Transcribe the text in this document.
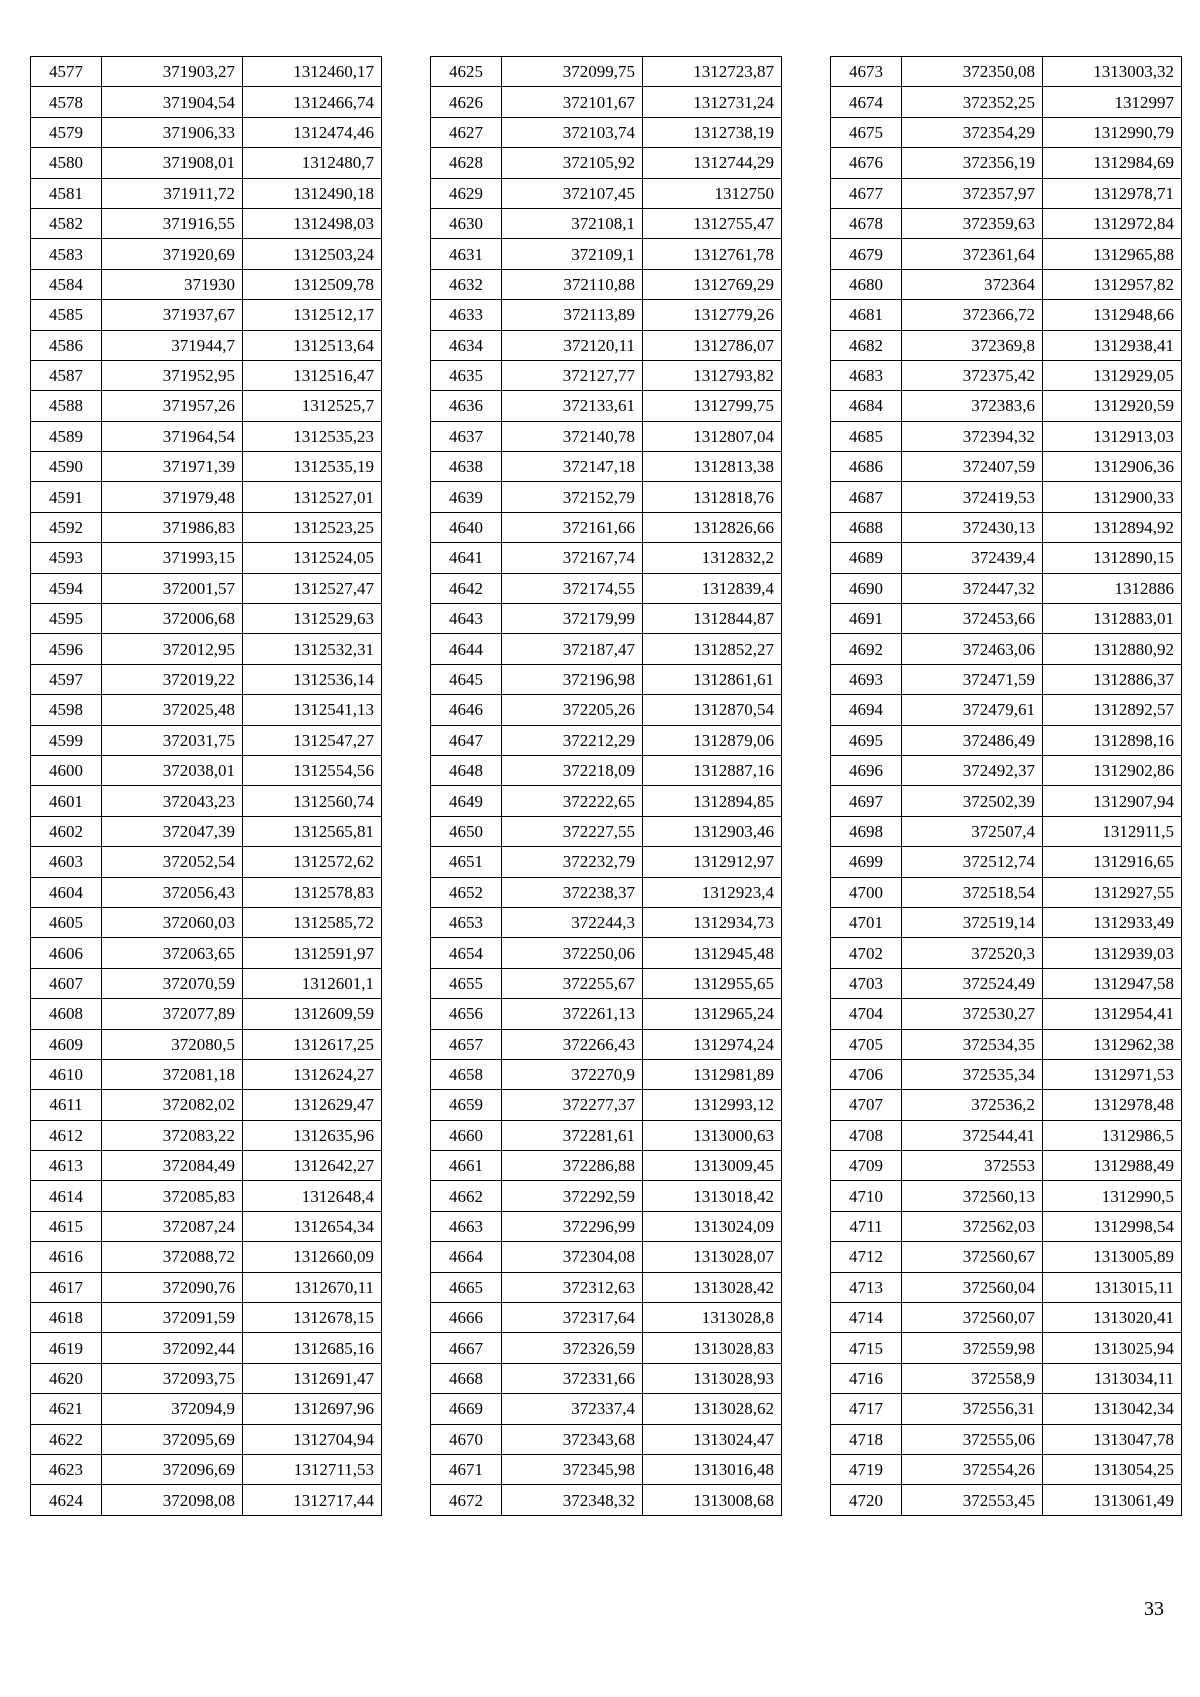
4577	371903,27	1312460,17
4578	371904,54	1312466,74
4579	371906,33	1312474,46
4580	371908,01	1312480,7
4581	371911,72	1312490,18
4582	371916,55	1312498,03
4583	371920,69	1312503,24
4584	371930	1312509,78
4585	371937,67	1312512,17
4586	371944,7	1312513,64
4587	371952,95	1312516,47
4588	371957,26	1312525,7
4589	371964,54	1312535,23
4590	371971,39	1312535,19
4591	371979,48	1312527,01
4592	371986,83	1312523,25
4593	371993,15	1312524,05
4594	372001,57	1312527,47
4595	372006,68	1312529,63
4596	372012,95	1312532,31
4597	372019,22	1312536,14
4598	372025,48	1312541,13
4599	372031,75	1312547,27
4600	372038,01	1312554,56
4601	372043,23	1312560,74
4602	372047,39	1312565,81
4603	372052,54	1312572,62
4604	372056,43	1312578,83
4605	372060,03	1312585,72
4606	372063,65	1312591,97
4607	372070,59	1312601,1
4608	372077,89	1312609,59
4609	372080,5	1312617,25
4610	372081,18	1312624,27
4611	372082,02	1312629,47
4612	372083,22	1312635,96
4613	372084,49	1312642,27
4614	372085,83	1312648,4
4615	372087,24	1312654,34
4616	372088,72	1312660,09
4617	372090,76	1312670,11
4618	372091,59	1312678,15
4619	372092,44	1312685,16
4620	372093,75	1312691,47
4621	372094,9	1312697,96
4622	372095,69	1312704,94
4623	372096,69	1312711,53
4624	372098,08	1312717,44
4625	372099,75	1312723,87
4626	372101,67	1312731,24
4627	372103,74	1312738,19
4628	372105,92	1312744,29
4629	372107,45	1312750
4630	372108,1	1312755,47
4631	372109,1	1312761,78
4632	372110,88	1312769,29
4633	372113,89	1312779,26
4634	372120,11	1312786,07
4635	372127,77	1312793,82
4636	372133,61	1312799,75
4637	372140,78	1312807,04
4638	372147,18	1312813,38
4639	372152,79	1312818,76
4640	372161,66	1312826,66
4641	372167,74	1312832,2
4642	372174,55	1312839,4
4643	372179,99	1312844,87
4644	372187,47	1312852,27
4645	372196,98	1312861,61
4646	372205,26	1312870,54
4647	372212,29	1312879,06
4648	372218,09	1312887,16
4649	372222,65	1312894,85
4650	372227,55	1312903,46
4651	372232,79	1312912,97
4652	372238,37	1312923,4
4653	372244,3	1312934,73
4654	372250,06	1312945,48
4655	372255,67	1312955,65
4656	372261,13	1312965,24
4657	372266,43	1312974,24
4658	372270,9	1312981,89
4659	372277,37	1312993,12
4660	372281,61	1313000,63
4661	372286,88	1313009,45
4662	372292,59	1313018,42
4663	372296,99	1313024,09
4664	372304,08	1313028,07
4665	372312,63	1313028,42
4666	372317,64	1313028,8
4667	372326,59	1313028,83
4668	372331,66	1313028,93
4669	372337,4	1313028,62
4670	372343,68	1313024,47
4671	372345,98	1313016,48
4672	372348,32	1313008,68
4673	372350,08	1313003,32
4674	372352,25	1312997
4675	372354,29	1312990,79
4676	372356,19	1312984,69
4677	372357,97	1312978,71
4678	372359,63	1312972,84
4679	372361,64	1312965,88
4680	372364	1312957,82
4681	372366,72	1312948,66
4682	372369,8	1312938,41
4683	372375,42	1312929,05
4684	372383,6	1312920,59
4685	372394,32	1312913,03
4686	372407,59	1312906,36
4687	372419,53	1312900,33
4688	372430,13	1312894,92
4689	372439,4	1312890,15
4690	372447,32	1312886
4691	372453,66	1312883,01
4692	372463,06	1312880,92
4693	372471,59	1312886,37
4694	372479,61	1312892,57
4695	372486,49	1312898,16
4696	372492,37	1312902,86
4697	372502,39	1312907,94
4698	372507,4	1312911,5
4699	372512,74	1312916,65
4700	372518,54	1312927,55
4701	372519,14	1312933,49
4702	372520,3	1312939,03
4703	372524,49	1312947,58
4704	372530,27	1312954,41
4705	372534,35	1312962,38
4706	372535,34	1312971,53
4707	372536,2	1312978,48
4708	372544,41	1312986,5
4709	372553	1312988,49
4710	372560,13	1312990,5
4711	372562,03	1312998,54
4712	372560,67	1313005,89
4713	372560,04	1313015,11
4714	372560,07	1313020,41
4715	372559,98	1313025,94
4716	372558,9	1313034,11
4717	372556,31	1313042,34
4718	372555,06	1313047,78
4719	372554,26	1313054,25
4720	372553,45	1313061,49
33
